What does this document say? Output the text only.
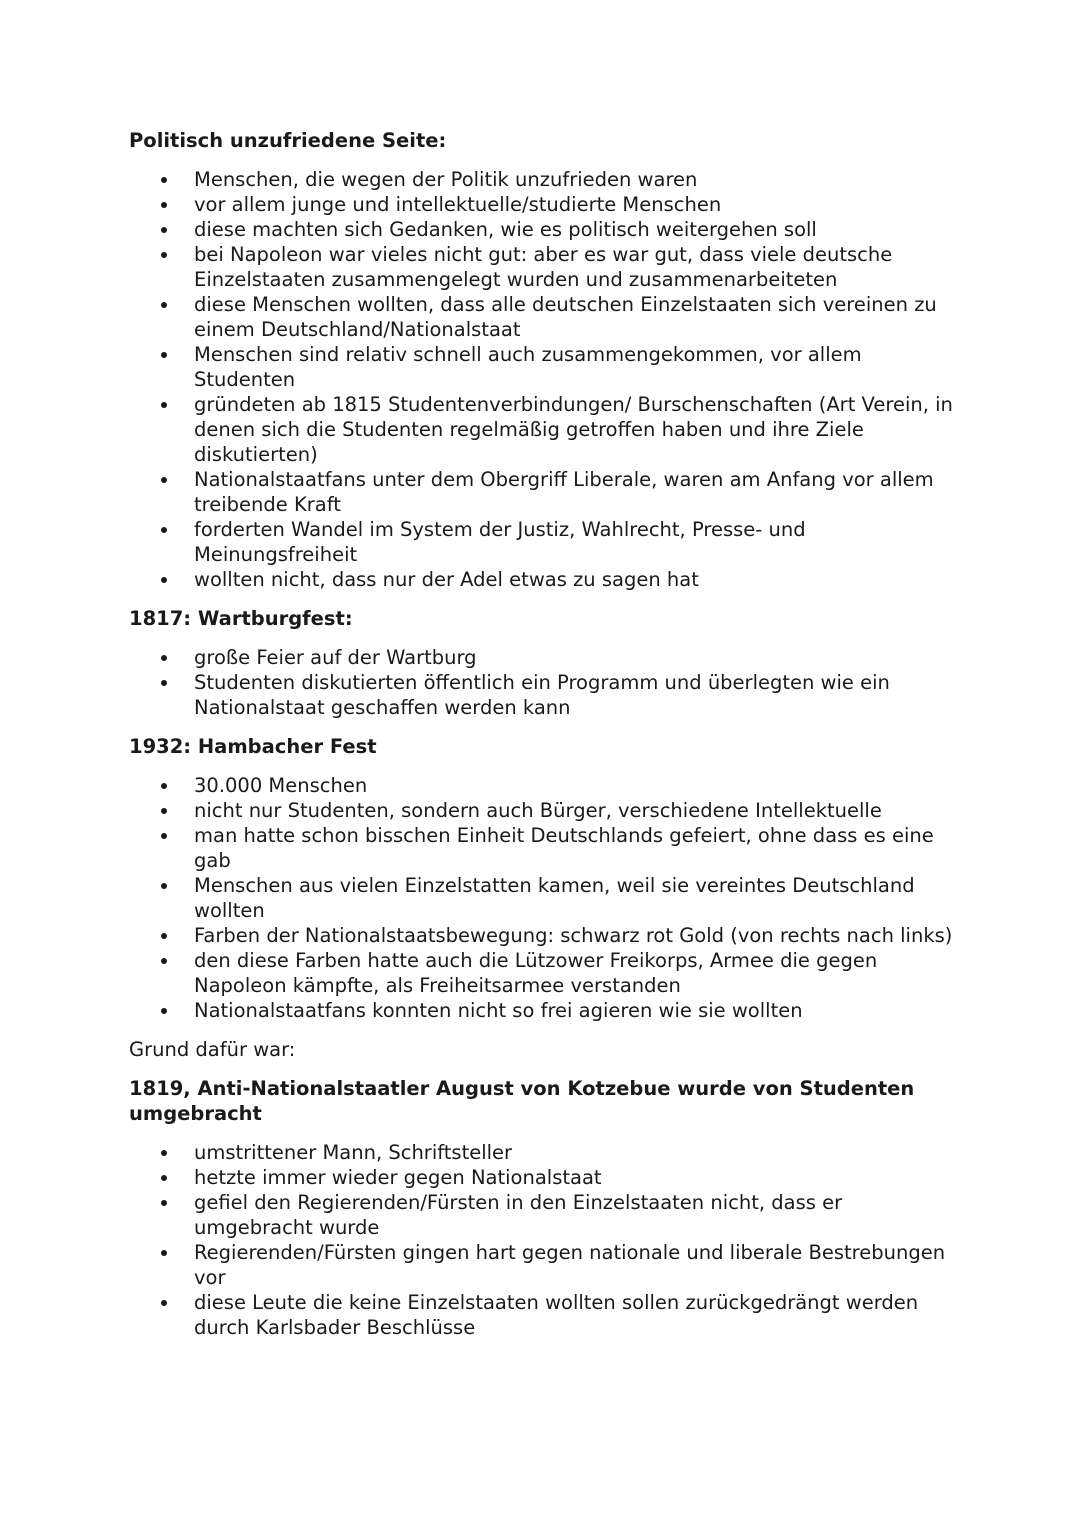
Politisch unzufriedene Seite:

Menschen, die wegen der Politik unzufrieden waren
vor allem junge und intellektuelle/studierte Menschen
diese machten sich Gedanken, wie es politisch weitergehen soll
bei Napoleon war vieles nicht gut: aber es war gut, dass viele deutsche Einzelstaaten zusammengelegt wurden und zusammenarbeiteten
diese Menschen wollten, dass alle deutschen Einzelstaaten sich vereinen zu einem Deutschland/Nationalstaat
Menschen sind relativ schnell auch zusammengekommen, vor allem Studenten
gründeten ab 1815 Studentenverbindungen/ Burschenschaften (Art Verein, in denen sich die Studenten regelmäßig getroffen haben und ihre Ziele diskutierten)
Nationalstaatfans unter dem Obergriff Liberale, waren am Anfang vor allem treibende Kraft
forderten Wandel im System der Justiz, Wahlrecht, Presse- und Meinungsfreiheit
wollten nicht, dass nur der Adel etwas zu sagen hat

1817: Wartburgfest:

große Feier auf der Wartburg
Studenten diskutierten öffentlich ein Programm und überlegten wie ein Nationalstaat geschaffen werden kann

1932: Hambacher Fest

30.000 Menschen
nicht nur Studenten, sondern auch Bürger, verschiedene Intellektuelle
man hatte schon bisschen Einheit Deutschlands gefeiert, ohne dass es eine gab
Menschen aus vielen Einzelstatten kamen, weil sie vereintes Deutschland wollten
Farben der Nationalstaatsbewegung: schwarz rot Gold (von rechts nach links)
den diese Farben hatte auch die Lützower Freikorps, Armee die gegen Napoleon kämpfte, als Freiheitsarmee verstanden
Nationalstaatfans konnten nicht so frei agieren wie sie wollten

Grund dafür war:

1819, Anti-Nationalstaatler August von Kotzebue wurde von Studenten umgebracht

umstrittener Mann, Schriftsteller
hetzte immer wieder gegen Nationalstaat
gefiel den Regierenden/Fürsten in den Einzelstaaten nicht, dass er umgebracht wurde
Regierenden/Fürsten gingen hart gegen nationale und liberale Bestrebungen vor
diese Leute die keine Einzelstaaten wollten sollen zurückgedrängt werden durch Karlsbader Beschlüsse
